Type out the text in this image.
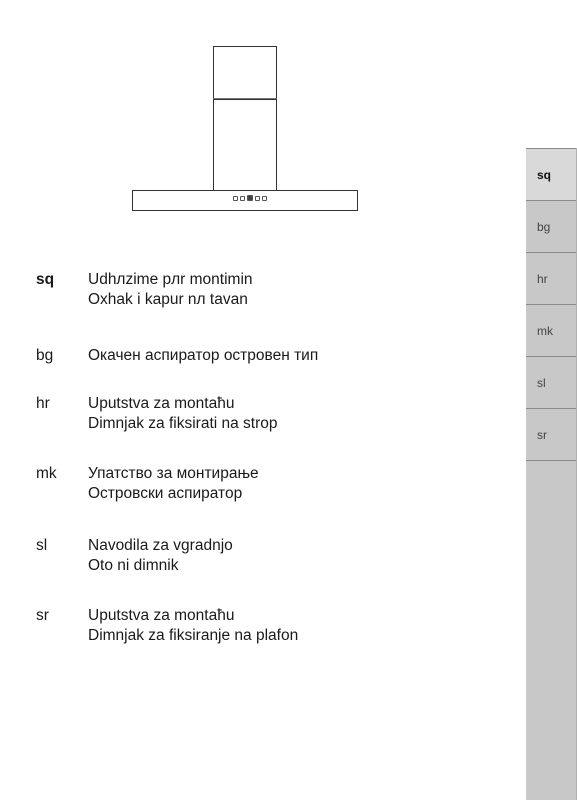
sq	Udhлzime pлr montimin
Oxhak i kapur nл tavan
bg	Окачен аспиратор островен тип
hr	Uputstva za montaћu
Dimnjak za fiksirati na strop
mk	Упатство за монтирање
Островски аспиратор
sl	Navodila za vgradnjo
Oto ni dimnik
sr	Uputstva za montaћu
Dimnjak za fiksiranje na plafon
sq
bg
hr
mk
sl
sr
